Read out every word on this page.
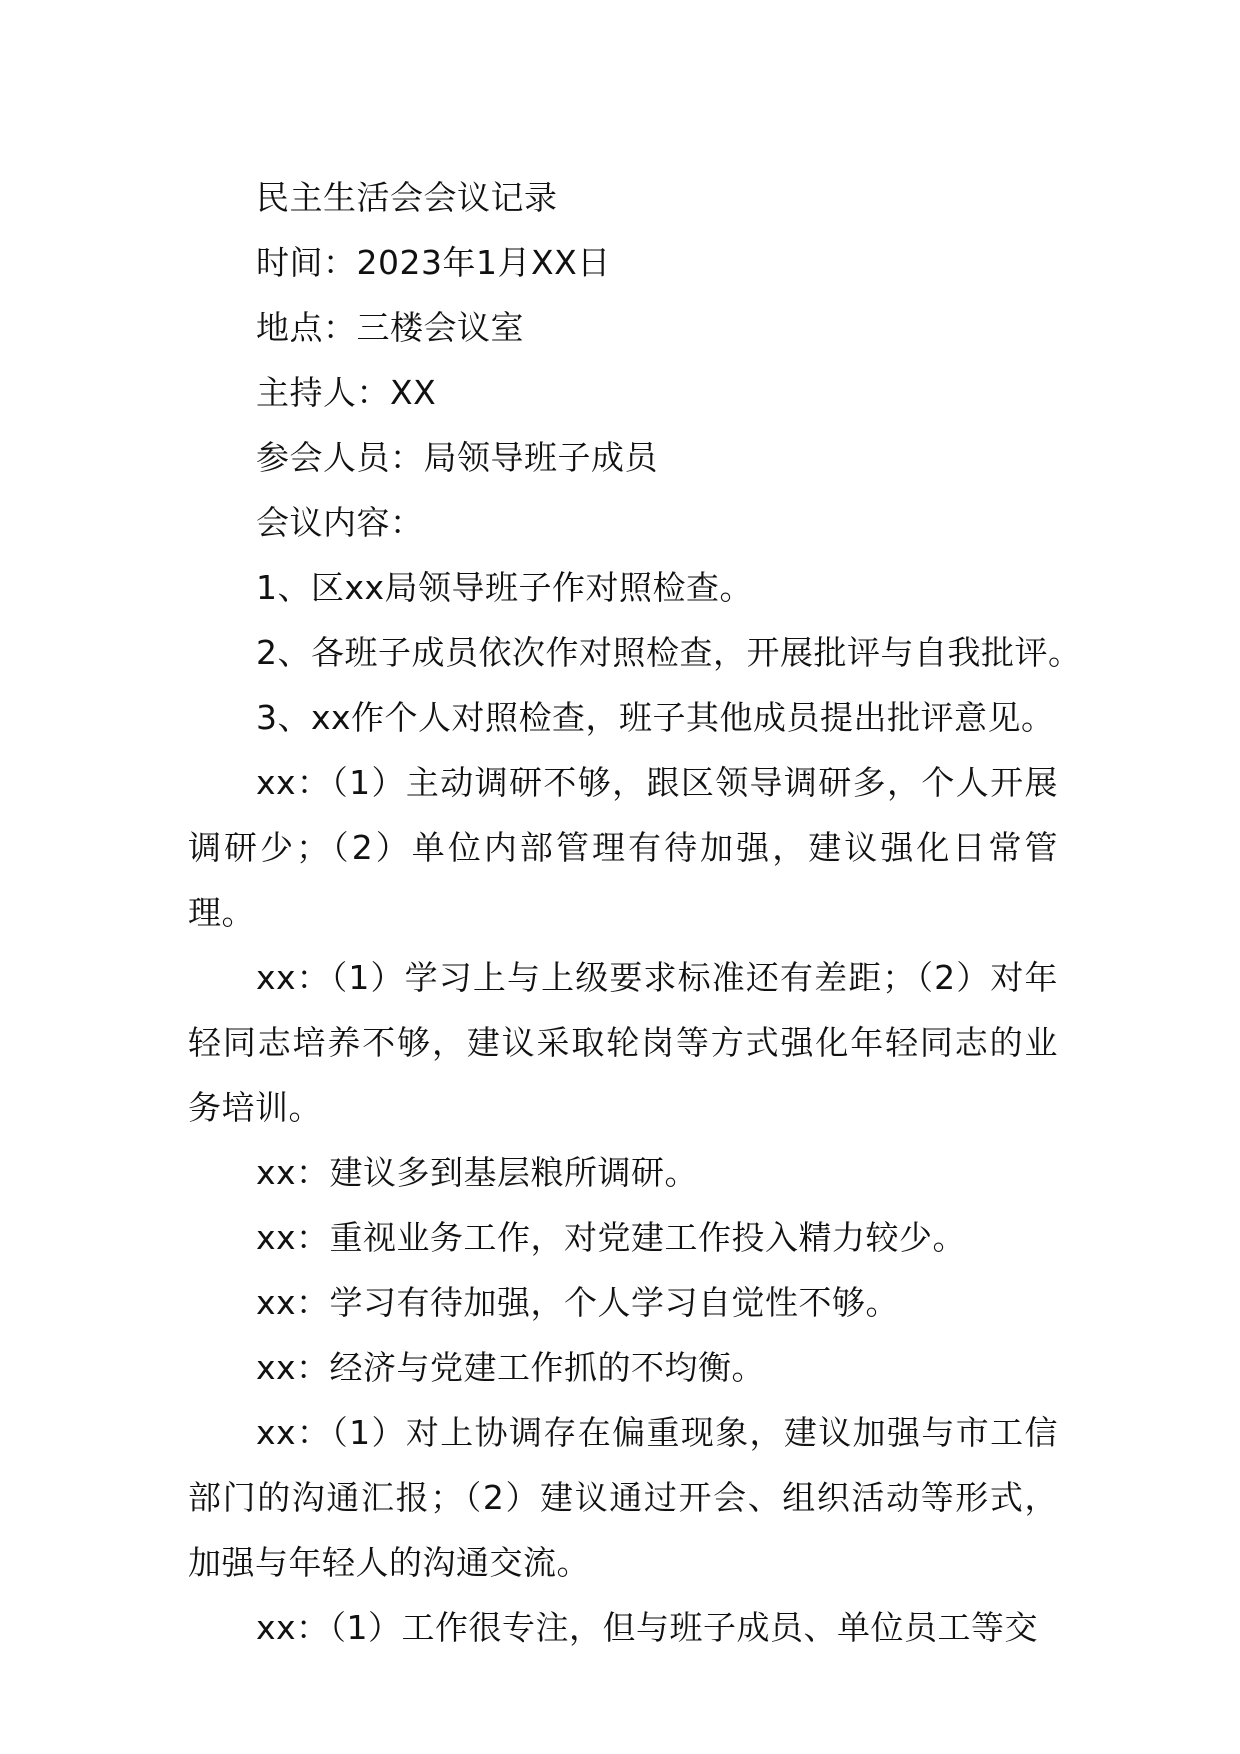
民主生活会会议记录

时间：2023年1月XX日

地点：三楼会议室

主持人：XX

参会人员：局领导班子成员

会议内容：

1、区xx局领导班子作对照检查。

2、各班子成员依次作对照检查，开展批评与自我批评。

3、xx作个人对照检查，班子其他成员提出批评意见。

xx：（1）主动调研不够，跟区领导调研多，个人开展调研少；（2）单位内部管理有待加强，建议强化日常管理。

xx：（1）学习上与上级要求标准还有差距；（2）对年轻同志培养不够，建议采取轮岗等方式强化年轻同志的业务培训。

xx：建议多到基层粮所调研。

xx：重视业务工作，对党建工作投入精力较少。

xx：学习有待加强，个人学习自觉性不够。

xx：经济与党建工作抓的不均衡。

xx：（1）对上协调存在偏重现象，建议加强与市工信部门的沟通汇报；（2）建议通过开会、组织活动等形式，加强与年轻人的沟通交流。

xx：（1）工作很专注，但与班子成员、单位员工等交
